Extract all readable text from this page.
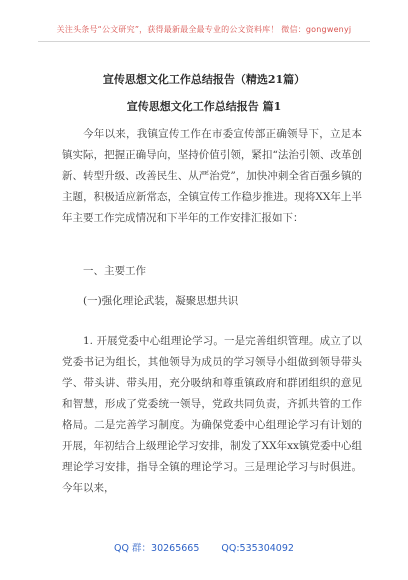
关注头条号“公文研究”，获得最新最全最专业的公文资料库！ 微信：gongwenyj
宣传思想文化工作总结报告（精选21篇）
宣传思想文化工作总结报告 篇1
今年以来，我镇宣传工作在市委宣传部正确领导下，立足本镇实际，把握正确导向，坚持价值引领，紧扣“法治引领、改革创新、转型升级、改善民生、从严治党”，加快冲刺全省百强乡镇的主题，积极适应新常态，全镇宣传工作稳步推进。现将XX年上半年主要工作完成情况和下半年的工作安排汇报如下：
一、主要工作
(一)强化理论武装，凝聚思想共识
1. 开展党委中心组理论学习。一是完善组织管理。成立了以党委书记为组长，其他领导为成员的学习领导小组做到领导带头学、带头讲、带头用，充分吸纳和尊重镇政府和群团组织的意见和智慧，形成了党委统一领导，党政共同负责，齐抓共管的工作格局。二是完善学习制度。为确保党委中心组理论学习有计划的开展，年初结合上级理论学习安排，制发了XX年xx镇党委中心组理论学习安排，指导全镇的理论学习。三是理论学习与时俱进。今年以来，
QQ 群：30265665 QQ:535304092
